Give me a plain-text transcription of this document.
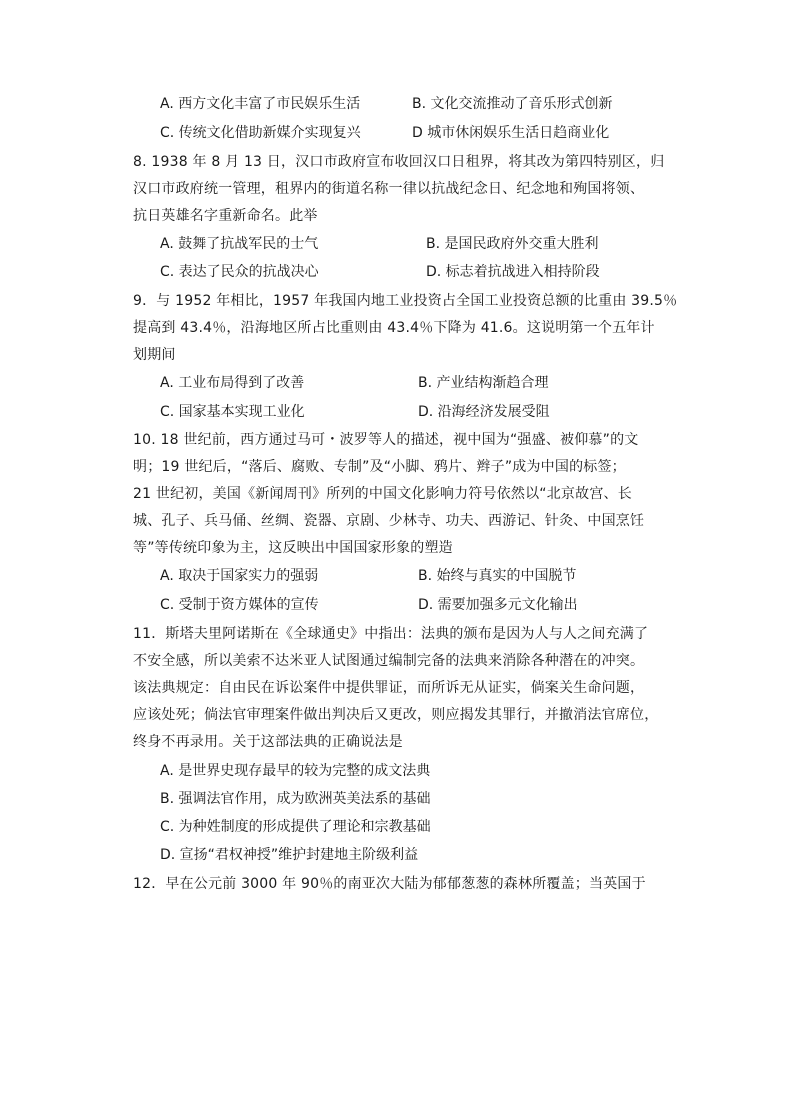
A. 西方文化丰富了市民娱乐生活	B. 文化交流推动了音乐形式创新
C. 传统文化借助新媒介实现复兴	D 城市休闲娱乐生活日趋商业化
8. 1938 年 8 月 13 日，汉口市政府宣布收回汉口日租界，将其改为第四特别区，归
汉口市政府统一管理，租界内的街道名称一律以抗战纪念日、纪念地和殉国将领、
抗日英雄名字重新命名。此举
A. 鼓舞了抗战军民的士气	B. 是国民政府外交重大胜利
C. 表达了民众的抗战决心	D. 标志着抗战进入相持阶段
9．与 1952 年相比，1957 年我国内地工业投资占全国工业投资总额的比重由 39.5％
提高到 43.4％，沿海地区所占比重则由 43.4％下降为 41.6。这说明第一个五年计
划期间
A. 工业布局得到了改善	B. 产业结构渐趋合理
C. 国家基本实现工业化	D. 沿海经济发展受阻
10. 18 世纪前，西方通过马可・波罗等人的描述，视中国为“强盛、被仰慕”的文
明；19 世纪后，“落后、腐败、专制”及“小脚、鸦片、辫子”成为中国的标签；
21 世纪初，美国《新闻周刊》所列的中国文化影响力符号依然以“北京故宫、长
城、孔子、兵马俑、丝绸、瓷器、京剧、少林寺、功夫、西游记、针灸、中国烹饪
等”等传统印象为主，这反映出中国国家形象的塑造
A. 取决于国家实力的强弱	B. 始终与真实的中国脱节
C. 受制于资方媒体的宣传	D. 需要加强多元文化输出
11．斯塔夫里阿诺斯在《全球通史》中指出：法典的颁布是因为人与人之间充满了
不安全感，所以美索不达米亚人试图通过编制完备的法典来消除各种潜在的冲突。
该法典规定：自由民在诉讼案件中提供罪证，而所诉无从证实，倘案关生命问题，
应该处死；倘法官审理案件做出判决后又更改，则应揭发其罪行，并撤消法官席位，
终身不再录用。关于这部法典的正确说法是
A. 是世界史现存最早的较为完整的成文法典
B. 强调法官作用，成为欧洲英美法系的基础
C. 为种姓制度的形成提供了理论和宗教基础
D. 宣扬“君权神授”维护封建地主阶级利益
12．早在公元前 3000 年 90％的南亚次大陆为郁郁葱葱的森林所覆盖；当英国于
